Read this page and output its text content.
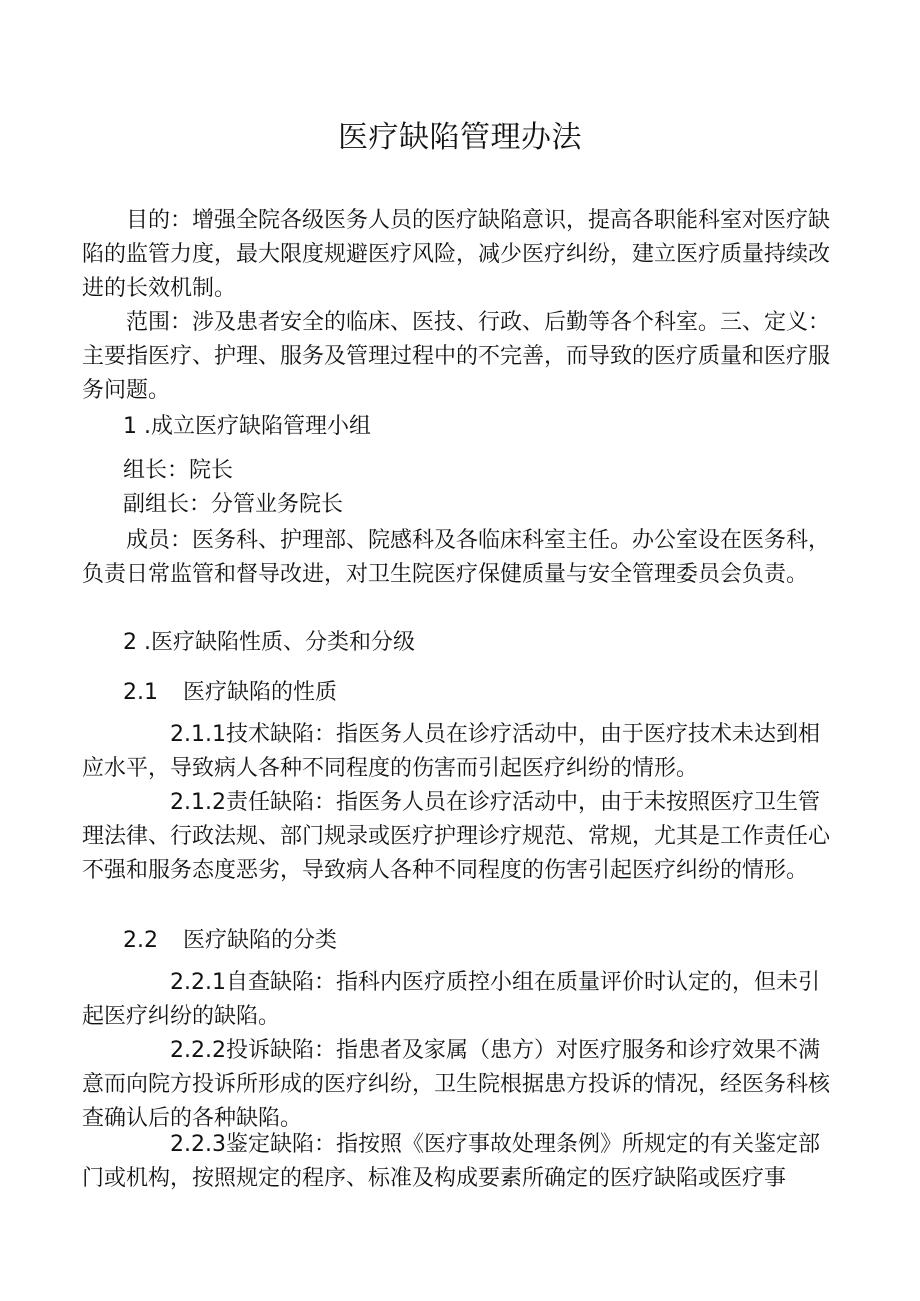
医疗缺陷管理办法

目的：增强全院各级医务人员的医疗缺陷意识，提高各职能科室对医疗缺陷的监管力度，最大限度规避医疗风险，减少医疗纠纷，建立医疗质量持续改进的长效机制。

范围：涉及患者安全的临床、医技、行政、后勤等各个科室。三、定义：主要指医疗、护理、服务及管理过程中的不完善，而导致的医疗质量和医疗服务问题。

1 .成立医疗缺陷管理小组

组长：院长

副组长：分管业务院长

成员：医务科、护理部、院感科及各临床科室主任。办公室设在医务科，负责日常监管和督导改进，对卫生院医疗保健质量与安全管理委员会负责。

2 .医疗缺陷性质、分类和分级

2.1 医疗缺陷的性质

2.1.1技术缺陷：指医务人员在诊疗活动中，由于医疗技术未达到相应水平，导致病人各种不同程度的伤害而引起医疗纠纷的情形。

2.1.2责任缺陷：指医务人员在诊疗活动中，由于未按照医疗卫生管理法律、行政法规、部门规录或医疗护理诊疗规范、常规，尤其是工作责任心不强和服务态度恶劣，导致病人各种不同程度的伤害引起医疗纠纷的情形。

2.2 医疗缺陷的分类

2.2.1自查缺陷：指科内医疗质控小组在质量评价时认定的，但未引起医疗纠纷的缺陷。

2.2.2投诉缺陷：指患者及家属（患方）对医疗服务和诊疗效果不满意而向院方投诉所形成的医疗纠纷，卫生院根据患方投诉的情况，经医务科核查确认后的各种缺陷。

2.2.3鉴定缺陷：指按照《医疗事故处理条例》所规定的有关鉴定部门或机构，按照规定的程序、标准及构成要素所确定的医疗缺陷或医疗事
